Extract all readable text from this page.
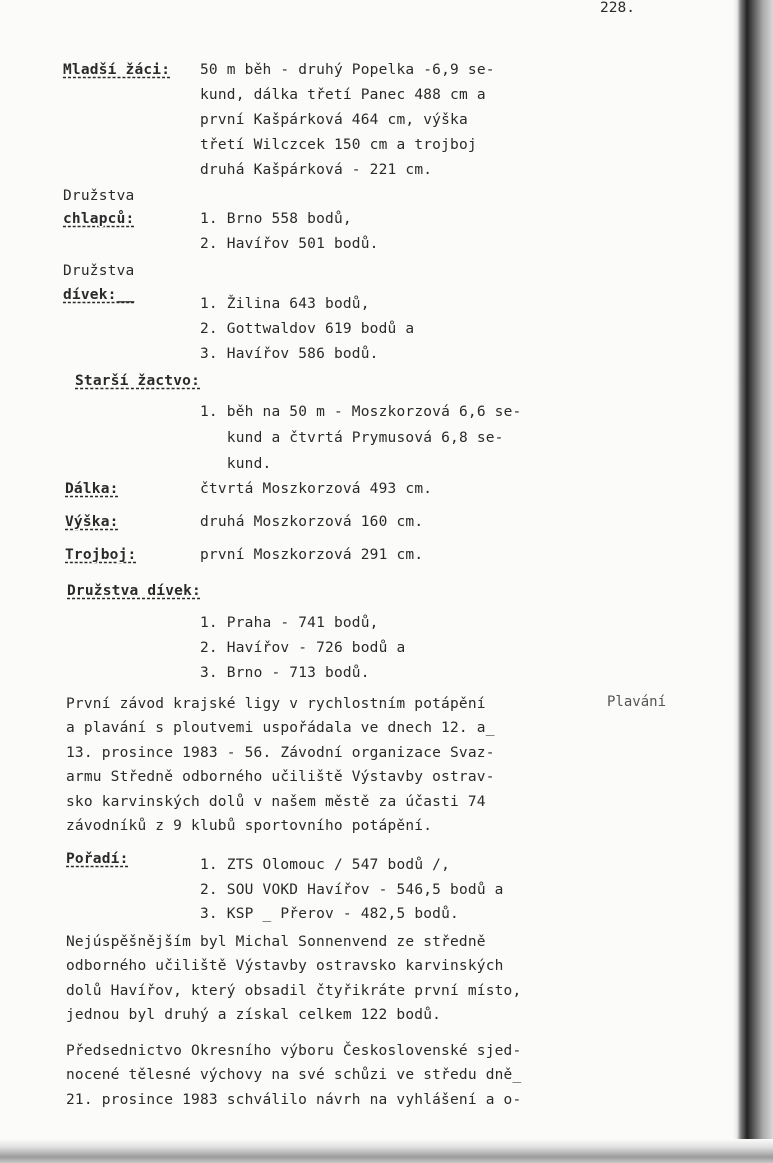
228.
Mladší žáci: 50 m běh - druhý Popelka -6,9 se-
kund, dálka třetí Panec 488 cm a
první Kašpárková 464 cm, výška
třetí Wilczcek 150 cm a trojboj
druhá Kašpárková - 221 cm.
Družstva
chlapců:	1. Brno 558 bodů,
2. Havířov 501 bodů.
Družstva
dívek:__
1. Žilina 643 bodů,
2. Gottwaldov 619 bodů a
3. Havířov 586 bodů.
Starší žactvo:
1. běh na 50 m - Moszkorzová 6,6 se-
kund a čtvrtá Prymusová 6,8 se-
kund.
Dálka:	čtvrtá Moszkorzová 493 cm.
Výška:	druhá Moszkorzová 160 cm.
Trojboj:	první Moszkorzová 291 cm.
Družstva dívek:
1. Praha - 741 bodů,
2. Havířov - 726 bodů a
3. Brno - 713 bodů.
Plavání
První závod krajské ligy v rychlostním potápění
a plavání s ploutvemi uspořádala ve dnech 12. a_
13. prosince 1983 - 56. Závodní organizace Svaz-
armu Středně odborného učiliště Výstavby ostrav-
sko karvinských dolů v našem městě za účasti 74
závodníků z 9 klubů sportovního potápění.
Pořadí:	1. ZTS Olomouc / 547 bodů /,
2. SOU VOKD Havířov - 546,5 bodů a
3. KSP _ Přerov - 482,5 bodů.
Nejúspěšnějším byl Michal Sonnenvend ze středně
odborného učiliště Výstavby ostravsko karvinských
dolů Havířov, který obsadil čtyřikráte první místo,
jednou byl druhý a získal celkem 122 bodů.
Předsednictvo Okresního výboru Československé sjed-
nocené tělesné výchovy na své schůzi ve středu dně_
21. prosince 1983 schválilo návrh na vyhlášení a o-
